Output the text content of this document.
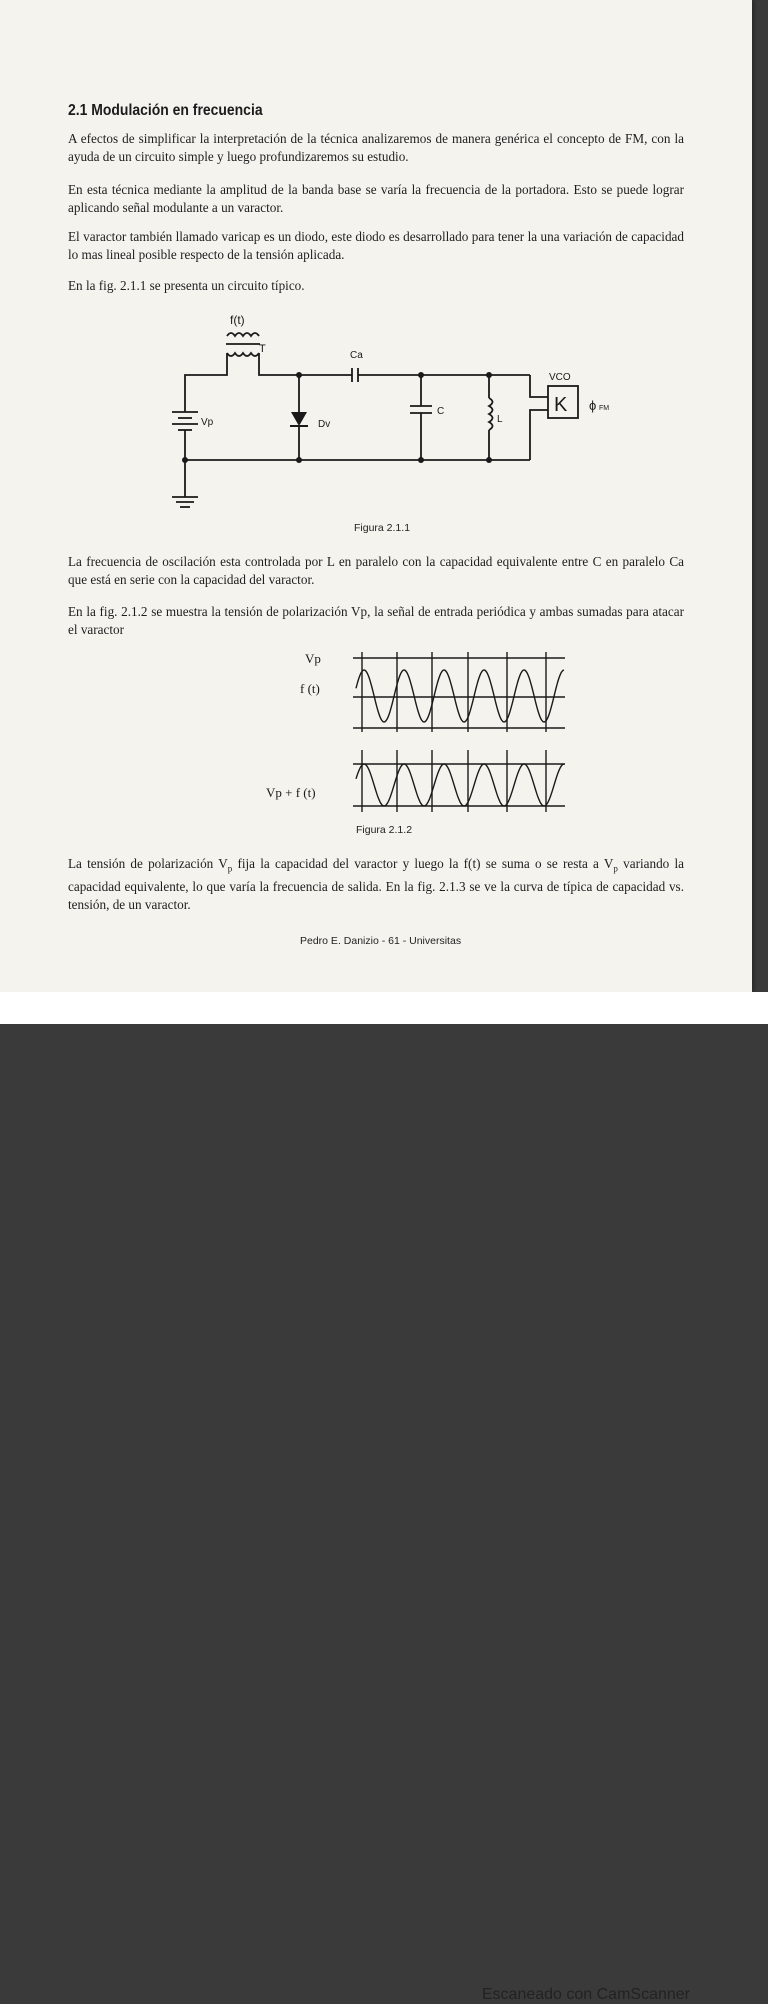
2.1 Modulación en frecuencia

A efectos de simplificar la interpretación de la técnica analizaremos de manera genérica el concepto de FM, con la ayuda de un circuito simple y luego profundizaremos su estudio.

En esta técnica mediante la amplitud de la banda base se varía la frecuencia de la portadora. Esto se puede lograr aplicando señal modulante a un varactor.

El varactor también llamado varicap es un diodo, este diodo es desarrollado para tener la una variación de capacidad lo mas lineal posible respecto de la tensión aplicada.

En la fig. 2.1.1 se presenta un circuito típico.

f(t)
T
Ca
Vp	Dv
C
L
VCO
K ϕ FM
Figura 2.1.1

La frecuencia de oscilación esta controlada por L en paralelo con la capacidad equivalente entre C en paralelo Ca que está en serie con la capacidad del varactor.

En la fig. 2.1.2 se muestra la tensión de polarización Vp, la señal de entrada periódica y ambas sumadas para atacar el varactor

Vp
f (t)
Vp + f (t)
Figura 2.1.2

La tensión de polarización $V_p$ fija la capacidad del varactor y luego la f(t) se suma o se resta a $V_p$ variando la capacidad equivalente, lo que varía la frecuencia de salida. En la fig. 2.1.3 se ve la curva de típica de capacidad vs. tensión, de un varactor.

Pedro E. Danizio - 61 - Universitas
Escaneado con CamScanner
